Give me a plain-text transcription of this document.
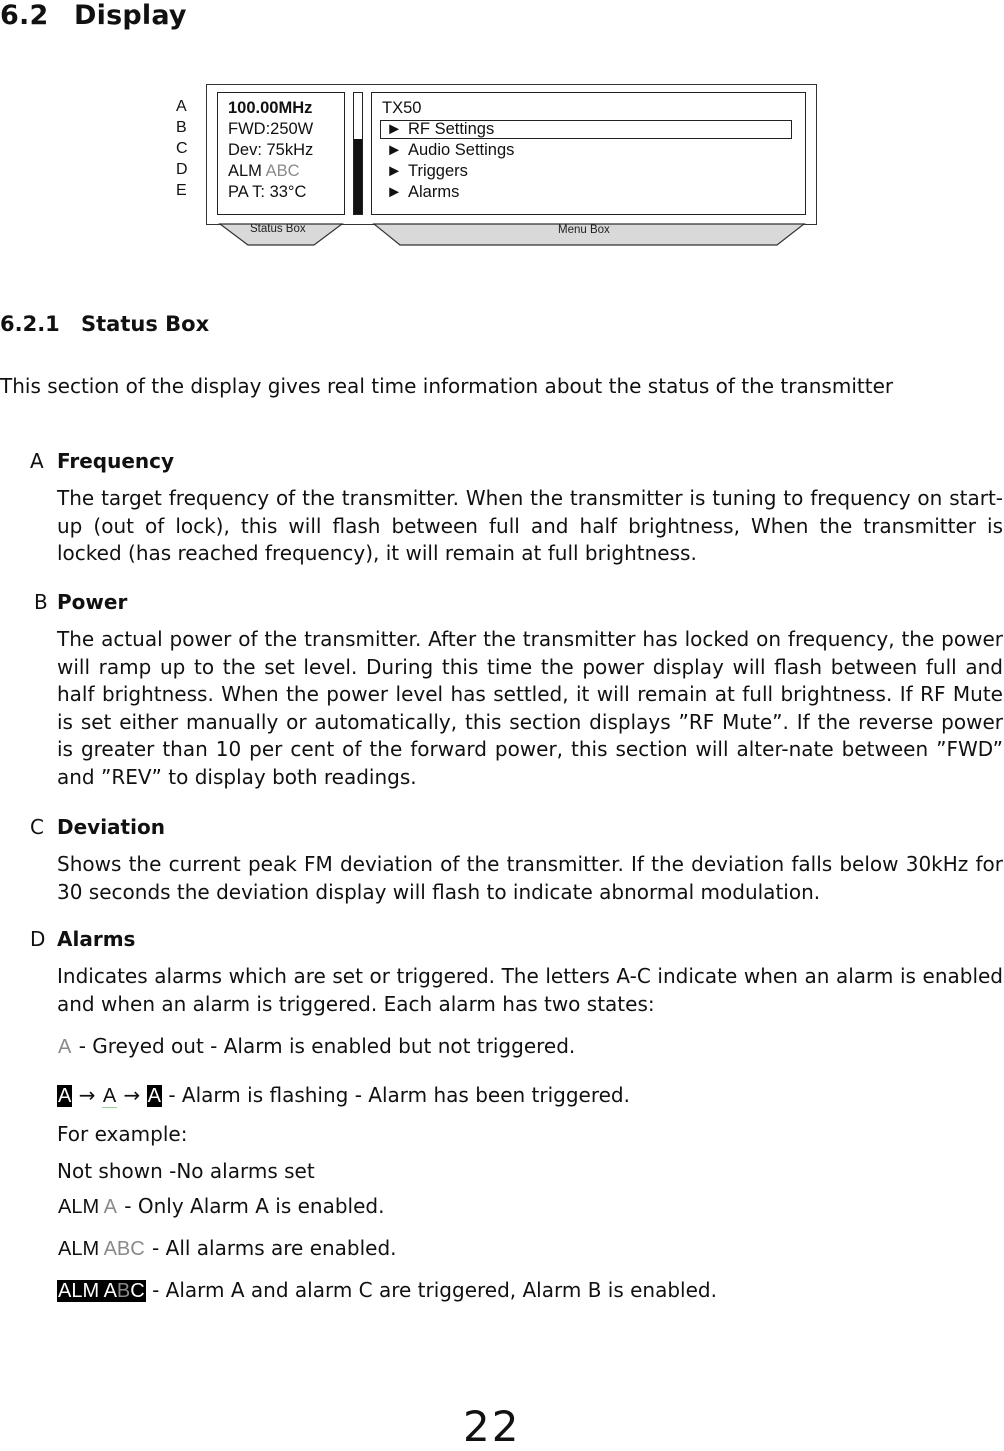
6.2 Display
A
B
C
D
E
100.00MHz
FWD:250W
Dev: 75kHz
ALM ABC
PA T: 33°C
TX50
► RF Settings
► Audio Settings
► Triggers
► Alarms
Status Box	Menu Box
6.2.1 Status Box
This section of the display gives real time information about the status of the transmitter
A Frequency
The target frequency of the transmitter. When the transmitter is tuning to frequency on start-up (out of lock), this will flash between full and half brightness, When the transmitter is locked (has reached frequency), it will remain at full brightness.
B Power
The actual power of the transmitter. After the transmitter has locked on frequency, the power will ramp up to the set level. During this time the power display will flash between full and half brightness. When the power level has settled, it will remain at full brightness. If RF Mute is set either manually or automatically, this section displays ”RF Mute”. If the reverse power is greater than 10 per cent of the forward power, this section will alter-nate between ”FWD” and ”REV” to display both readings.
C Deviation
Shows the current peak FM deviation of the transmitter. If the deviation falls below 30kHz for 30 seconds the deviation display will flash to indicate abnormal modulation.
D Alarms
Indicates alarms which are set or triggered. The letters A-C indicate when an alarm is enabled and when an alarm is triggered. Each alarm has two states:
A - Greyed out - Alarm is enabled but not triggered.
A → A → A - Alarm is flashing - Alarm has been triggered.
For example:
Not shown -No alarms set
ALM A - Only Alarm A is enabled.
ALM ABC - All alarms are enabled.
ALM ABC - Alarm A and alarm C are triggered, Alarm B is enabled.
22
